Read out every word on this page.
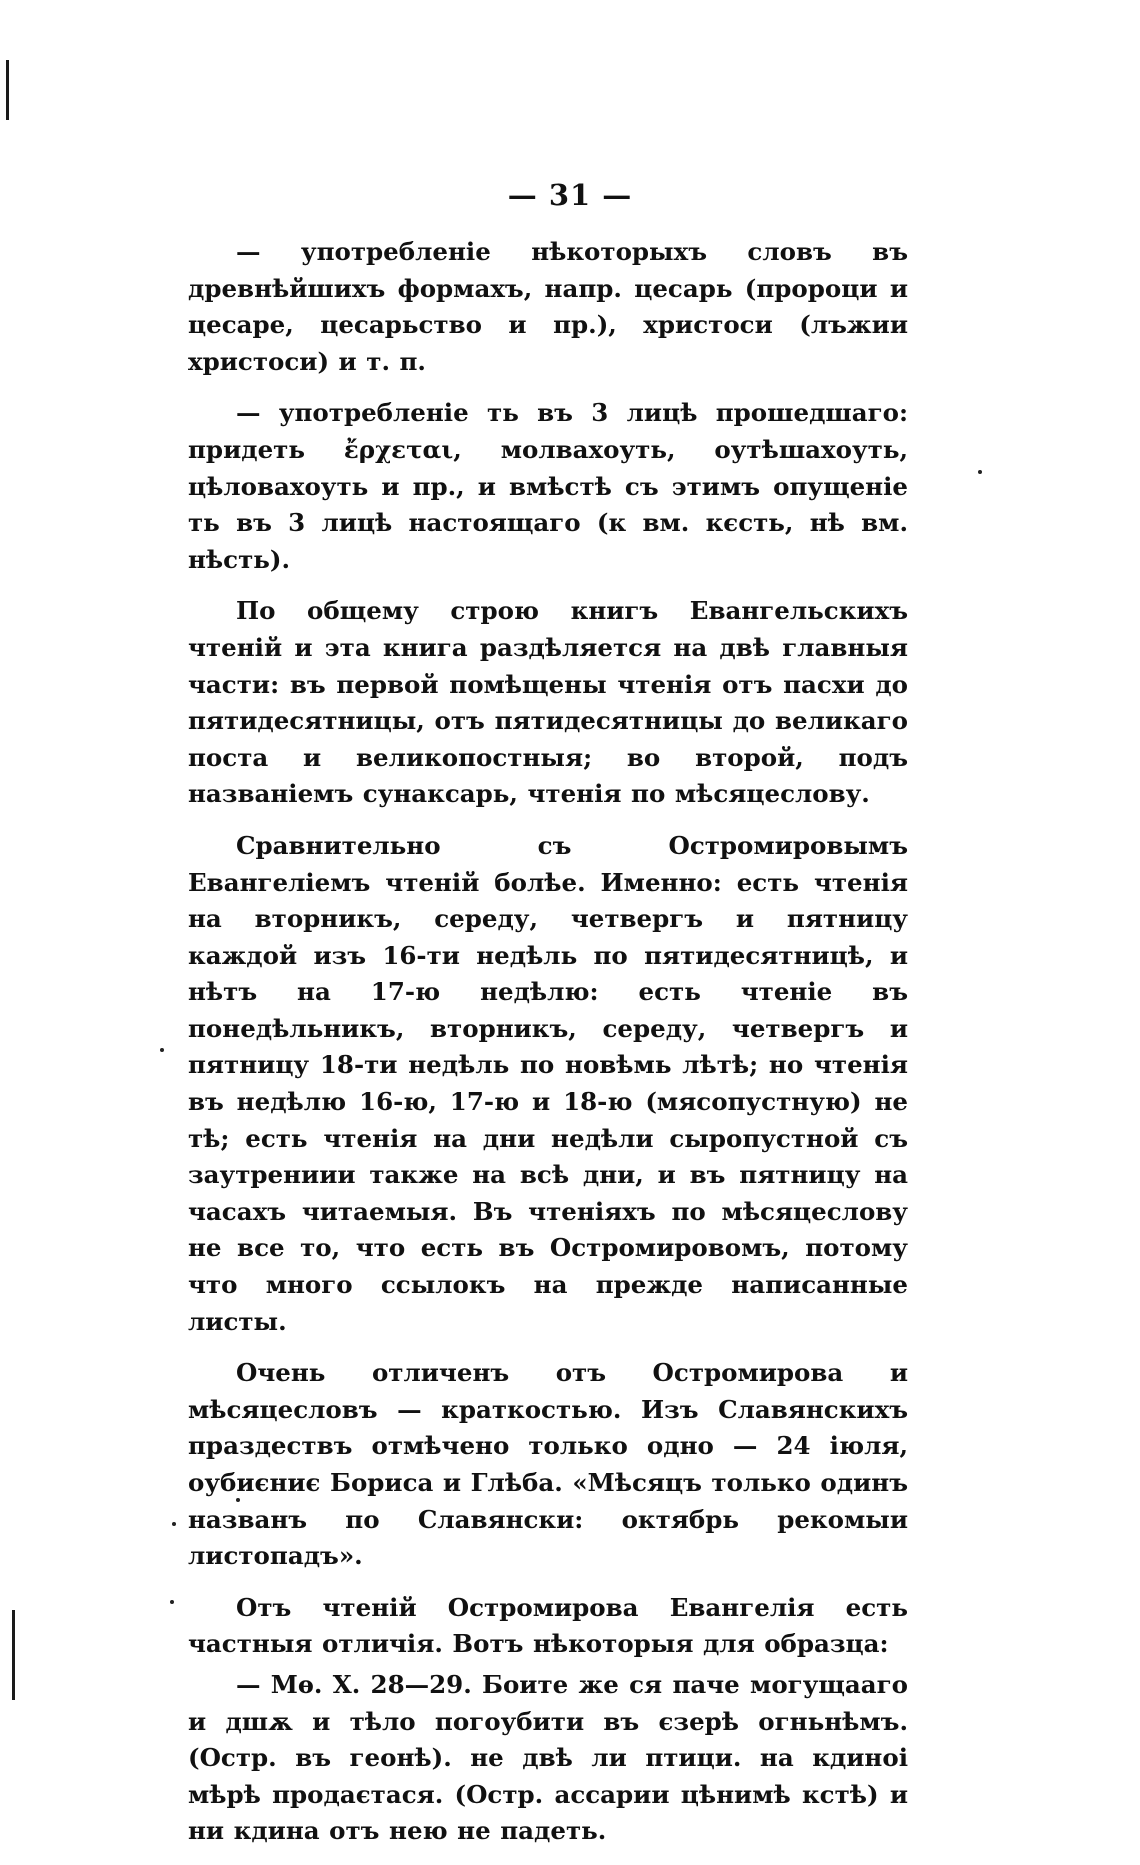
— 31 —

— употребленіе нѣкоторыхъ словъ въ древнѣйшихъ формахъ, напр. цесарь (пророци и цесаре, цесарьство и пр.), христоси (лъжии христоси) и т. п.

— употребленіе ть въ 3 лицѣ прошедшаго: придеть ἔρχεται, молвахоуть, оутѣшахоуть, цѣловахоуть и пр., и вмѣстѣ съ этимъ опущеніе ть въ 3 лицѣ настоящаго (к вм. кєсть, нѣ вм. нѣсть).

По общему строю книгъ Евангельскихъ чтеній и эта книга раздѣляется на двѣ главныя части: въ первой помѣщены чтенія отъ пасхи до пятидесятницы, отъ пятидесятницы до великаго поста и великопостныя; во второй, подъ названіемъ сунаксарь, чтенія по мѣсяцеслову.

Сравнительно съ Остромировымъ Евангеліемъ чтеній болѣе. Именно: есть чтенія на вторникъ, середу, четвергъ и пятницу каждой изъ 16-ти недѣль по пятидесятницѣ, и нѣтъ на 17-ю недѣлю: есть чтеніе въ понедѣльникъ, вторникъ, середу, четвергъ и пятницу 18-ти недѣль по новѣмь лѣтѣ; но чтенія въ недѣлю 16-ю, 17-ю и 18-ю (мясопустную) не тѣ; есть чтенія на дни недѣли сыропустной съ заутрениии также на всѣ дни, и въ пятницу на часахъ читаемыя. Въ чтеніяхъ по мѣсяцеслову не все то, что есть въ Остромировомъ, потому что много ссылокъ на прежде написанные листы.

Очень отличенъ отъ Остромирова и мѣсяцесловъ — краткостью. Изъ Славянскихъ праздествъ отмѣчено только одно — 24 іюля, оубиєниє Бориса и Глѣба. «Мѣсяцъ только одинъ названъ по Славянски: октябрь рекомыи листопадъ».

Отъ чтеній Остромирова Евангелія есть частныя отличія. Вотъ нѣкоторыя для образца:

— Мѳ. X. 28—29. Боите же ся паче могущааго и дшѫ и тѣло погоубити въ єзерѣ огньнѣмъ. (Остр. въ геонѣ). не двѣ ли птици. на кдиноі мѣрѣ продаєтася. (Остр. ассарии цѣнимѣ кстѣ) и ни кдина отъ нею не падеть.
